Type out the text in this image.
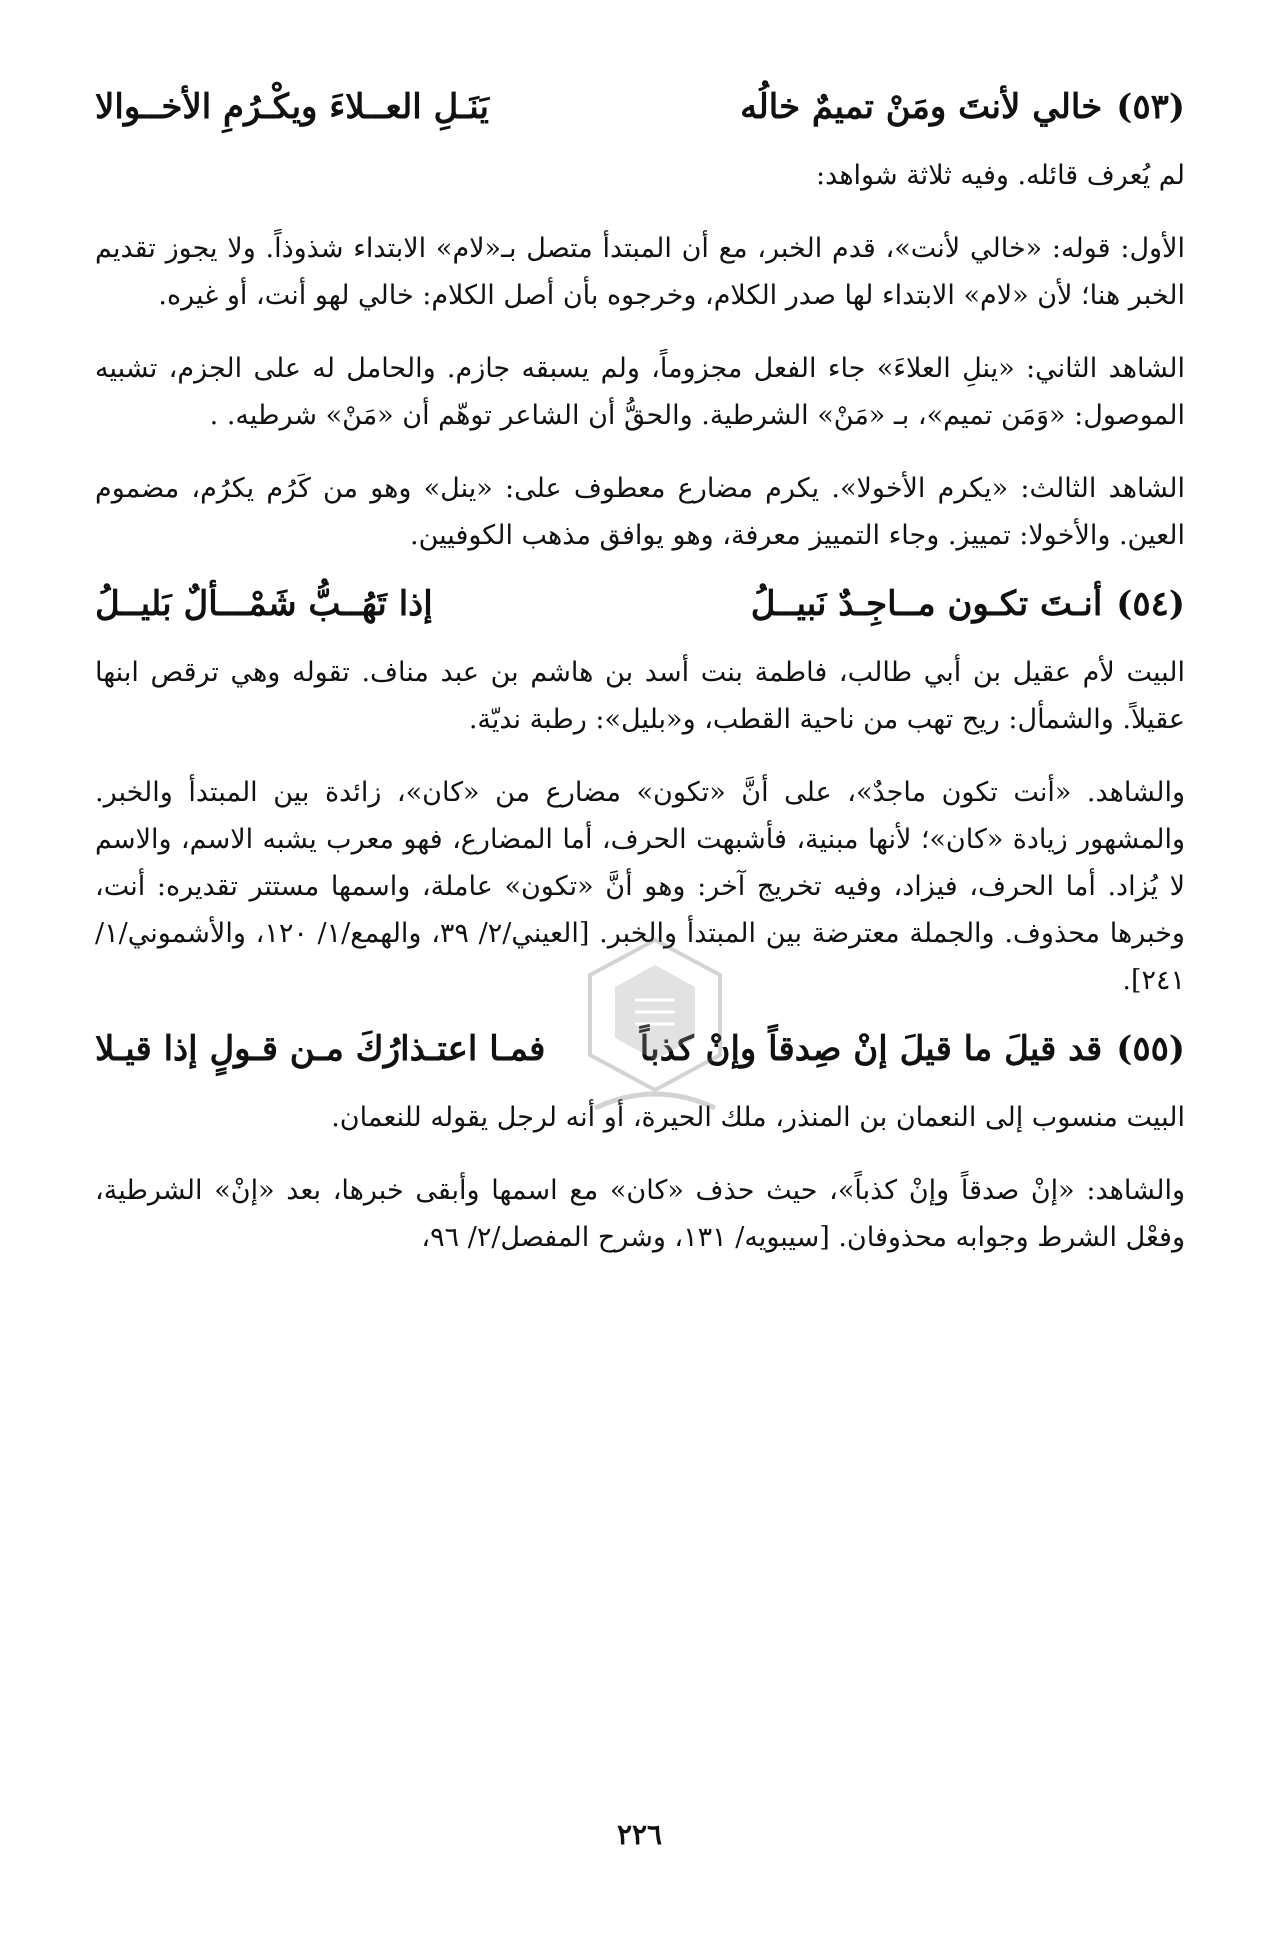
(٥٣)
خالي لأنتَ ومَنْ تميمٌ خالُه
يَنَـلِ العــلاءَ ويكْـرُمِ الأخــوالا

لم يُعرف قائله. وفيه ثلاثة شواهد:

الأول: قوله: «خالي لأنت»، قدم الخبر، مع أن المبتدأ متصل بـ«لام» الابتداء شذوذاً. ولا يجوز تقديم الخبر هنا؛ لأن «لام» الابتداء لها صدر الكلام، وخرجوه بأن أصل الكلام: خالي لهو أنت، أو غيره.

الشاهد الثاني: «ينلِ العلاءَ» جاء الفعل مجزوماً، ولم يسبقه جازم. والحامل له على الجزم، تشبيه الموصول: «وَمَن تميم»، بـ «مَنْ» الشرطية. والحقُّ أن الشاعر توهّم أن «مَنْ» شرطيه. .

الشاهد الثالث: «يكرم الأخولا». يكرم مضارع معطوف على: «ينل» وهو من كَرُم يكرُم، مضموم العين. والأخولا: تمييز. وجاء التمييز معرفة، وهو يوافق مذهب الكوفيين.

(٥٤)
أنـتَ تكـون مــاجِـدٌ نَبيــلُ
إذا تَهُــبُّ شَمْـــألٌ بَليــلُ

البيت لأم عقيل بن أبي طالب، فاطمة بنت أسد بن هاشم بن عبد مناف. تقوله وهي ترقص ابنها عقيلاً. والشمأل: ريح تهب من ناحية القطب، و«بليل»: رطبة نديّة.

والشاهد. «أنت تكون ماجدٌ»، على أنَّ «تكون» مضارع من «كان»، زائدة بين المبتدأ والخبر. والمشهور زيادة «كان»؛ لأنها مبنية، فأشبهت الحرف، أما المضارع، فهو معرب يشبه الاسم، والاسم لا يُزاد. أما الحرف، فيزاد، وفيه تخريج آخر: وهو أنَّ «تكون» عاملة، واسمها مستتر تقديره: أنت، وخبرها محذوف. والجملة معترضة بين المبتدأ والخبر. [العيني/٢/ ٣٩، والهمع/١/ ١٢٠، والأشموني/١/ ٢٤١].

(٥٥)
قد قيلَ ما قيلَ إنْ صِدقاً وإنْ كذباً
فمـا اعتـذارُكَ مـن قـولٍ إذا قيـلا

البيت منسوب إلى النعمان بن المنذر، ملك الحيرة، أو أنه لرجل يقوله للنعمان.

والشاهد: «إنْ صدقاً وإنْ كذباً»، حيث حذف «كان» مع اسمها وأبقى خبرها، بعد «إنْ» الشرطية، وفعْل الشرط وجوابه محذوفان. [سيبويه/ ١٣١، وشرح المفصل/٢/ ٩٦،

٢٢٦
